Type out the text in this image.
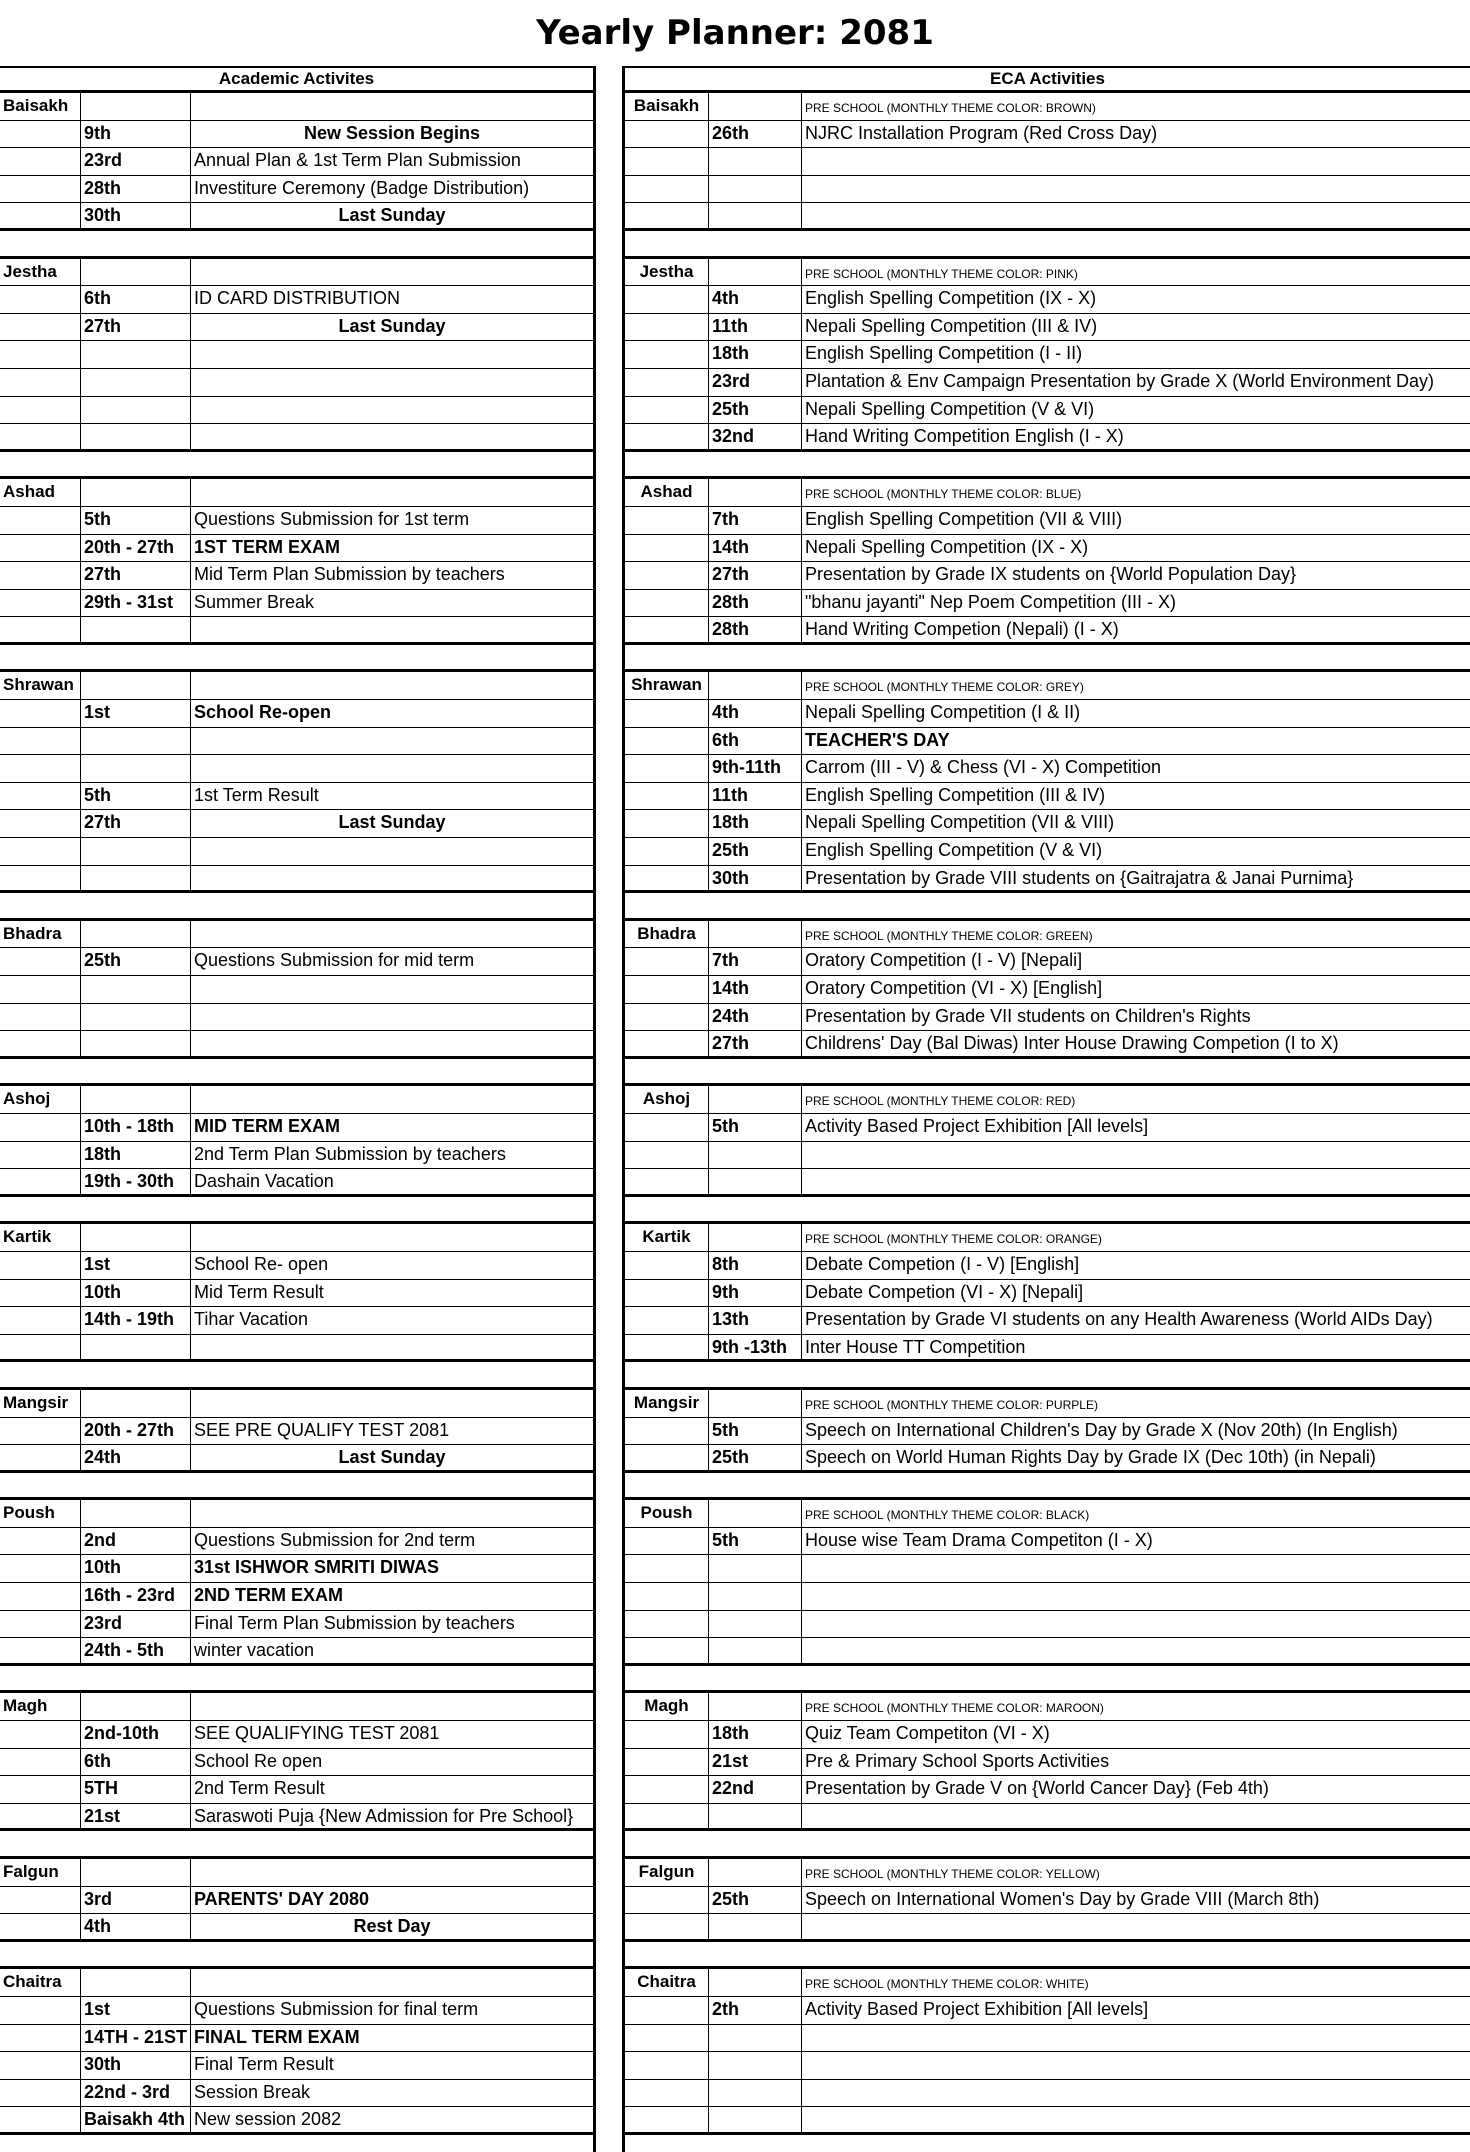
Yearly Planner: 2081
Academic Activites
Baisakh
9th	New Session Begins
23rd	Annual Plan & 1st Term Plan Submission
28th	Investiture Ceremony (Badge Distribution)
30th	Last Sunday
Jestha
6th	ID CARD DISTRIBUTION
27th	Last Sunday
Ashad
5th	Questions Submission for 1st term
20th - 27th	1ST TERM EXAM
27th	Mid Term Plan Submission by teachers
29th - 31st	Summer Break
Shrawan
1st	School Re-open
5th	1st Term Result
27th	Last Sunday
Bhadra
25th	Questions Submission for mid term
Ashoj
10th - 18th	MID TERM EXAM
18th	2nd Term Plan Submission by teachers
19th - 30th	Dashain Vacation
Kartik
1st	School Re- open
10th	Mid Term Result
14th - 19th	Tihar Vacation
Mangsir
20th - 27th	SEE PRE QUALIFY TEST 2081
24th	Last Sunday
Poush
2nd	Questions Submission for 2nd term
10th	31st ISHWOR SMRITI DIWAS
16th - 23rd	2ND TERM EXAM
23rd	Final Term Plan Submission by teachers
24th - 5th	winter vacation
Magh
2nd-10th	SEE QUALIFYING TEST 2081
6th	School Re open
5TH	2nd Term Result
21st	Saraswoti Puja {New Admission for Pre School}
Falgun
3rd	PARENTS' DAY 2080
4th	Rest Day
Chaitra
1st	Questions Submission for final term
14TH - 21ST FINAL TERM EXAM
30th	Final Term Result
22nd - 3rd	Session Break
Baisakh 4th New session 2082
ECA Activities
Baisakh	PRE SCHOOL (MONTHLY THEME COLOR: BROWN)
26th	NJRC Installation Program (Red Cross Day)
Jestha	PRE SCHOOL (MONTHLY THEME COLOR: PINK)
4th	English Spelling Competition (IX - X)
11th	Nepali Spelling Competition (III & IV)
18th	English Spelling Competition (I - II)
23rd	Plantation & Env Campaign Presentation by Grade X (World Environment Day)
25th	Nepali Spelling Competition (V & VI)
32nd	Hand Writing Competition English (I - X)
Ashad	PRE SCHOOL (MONTHLY THEME COLOR: BLUE)
7th	English Spelling Competition (VII & VIII)
14th	Nepali Spelling Competition (IX - X)
27th	Presentation by Grade IX students on {World Population Day}
28th	"bhanu jayanti" Nep Poem Competition (III - X)
28th	Hand Writing Competion (Nepali) (I - X)
Shrawan	PRE SCHOOL (MONTHLY THEME COLOR: GREY)
4th	Nepali Spelling Competition (I & II)
6th	TEACHER'S DAY
9th-11th	Carrom (III - V) & Chess (VI - X) Competition
11th	English Spelling Competition (III & IV)
18th	Nepali Spelling Competition (VII & VIII)
25th	English Spelling Competition (V & VI)
30th	Presentation by Grade VIII students on {Gaitrajatra & Janai Purnima}
Bhadra	PRE SCHOOL (MONTHLY THEME COLOR: GREEN)
7th	Oratory Competition (I - V) [Nepali]
14th	Oratory Competition (VI - X) [English]
24th	Presentation by Grade VII students on Children's Rights
27th	Childrens' Day (Bal Diwas) Inter House Drawing Competion (I to X)
Ashoj	PRE SCHOOL (MONTHLY THEME COLOR: RED)
5th	Activity Based Project Exhibition [All levels]
Kartik	PRE SCHOOL (MONTHLY THEME COLOR: ORANGE)
8th	Debate Competion (I - V) [English]
9th	Debate Competion (VI - X) [Nepali]
13th	Presentation by Grade VI students on any Health Awareness (World AIDs Day)
9th -13th Inter House TT Competition
Mangsir	PRE SCHOOL (MONTHLY THEME COLOR: PURPLE)
5th	Speech on International Children's Day by Grade X (Nov 20th) (In English)
25th	Speech on World Human Rights Day by Grade IX (Dec 10th) (in Nepali)
Poush	PRE SCHOOL (MONTHLY THEME COLOR: BLACK)
5th	House wise Team Drama Competiton (I - X)
Magh	PRE SCHOOL (MONTHLY THEME COLOR: MAROON)
18th	Quiz Team Competiton (VI - X)
21st	Pre & Primary School Sports Activities
22nd	Presentation by Grade V on {World Cancer Day} (Feb 4th)
Falgun	PRE SCHOOL (MONTHLY THEME COLOR: YELLOW)
25th	Speech on International Women's Day by Grade VIII (March 8th)
Chaitra	PRE SCHOOL (MONTHLY THEME COLOR: WHITE)
2th	Activity Based Project Exhibition [All levels]
